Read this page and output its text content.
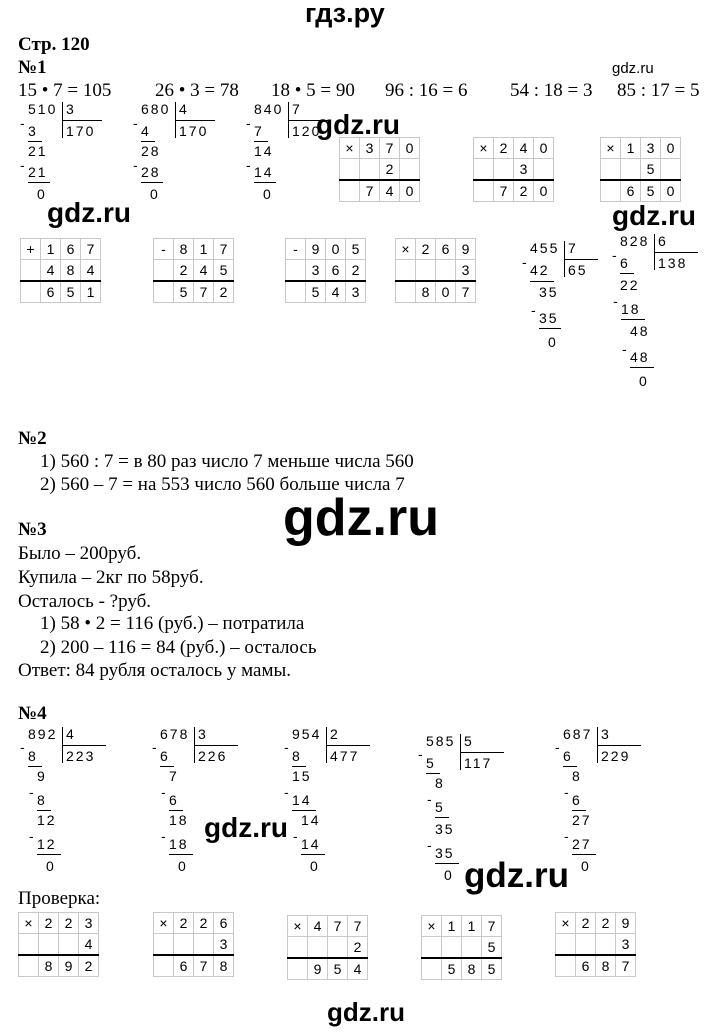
гдз.ру
Стр. 120
№1
15 • 7 = 105 26 • 3 = 78 18 • 5 = 90 96 : 16 = 6 54 : 18 = 3 85 : 17 = 5
gdz.ru
510 3
170
- 3
21
- 21
0
680 4
170
- 4
28
- 28
0
840 7
120
- 7
14
- 14
0
gdz.ru
gdz.ru	gdz.ru
×	3	7	0
		2	
	7	4	0
×	2	4	0
		3	
	7	2	0
×	1	3	0
		5	
	6	5	0
+	1	6	7
	4	8	4
	6	5	1
-	8	1	7
	2	4	5
	5	7	2
-	9	0	5
	3	6	2
	5	4	3
×	2	6	9
			3
	8	0	7
455 7
65
- 42
35
- 35
0
828 6
138
- 6
22
- 18
48
- 48
0
№2
1) 560 : 7 = в 80 раз число 7 меньше числа 560
2) 560 – 7 = на 553 число 560 больше числа 7
gdz.ru
№3
Было – 200руб.
Купила – 2кг по 58руб.
Осталось - ?руб.
1) 58 • 2 = 116 (руб.) – потратила
2) 200 – 116 = 84 (руб.) – осталось
Ответ: 84 рубля осталось у мамы.
№4
892 4
223
-
8
9
- 8
12
- 12
0
678 3
226
-
6
7
- 6
18
- 18
0
954 2
477
-
8
15
- 14
14
- 14
0
585 5
117
-
5
8
- 5
35
- 35
0
687 3
229
-
6
8
- 6
27
- 27
0
gdz.ru
gdz.ru
Проверка:
×	2	2	3
			4
	8	9	2
×	2	2	6
			3
	6	7	8
×	4	7	7
			2
	9	5	4
×	1	1	7
			5
	5	8	5
×	2	2	9
			3
	6	8	7
gdz.ru
